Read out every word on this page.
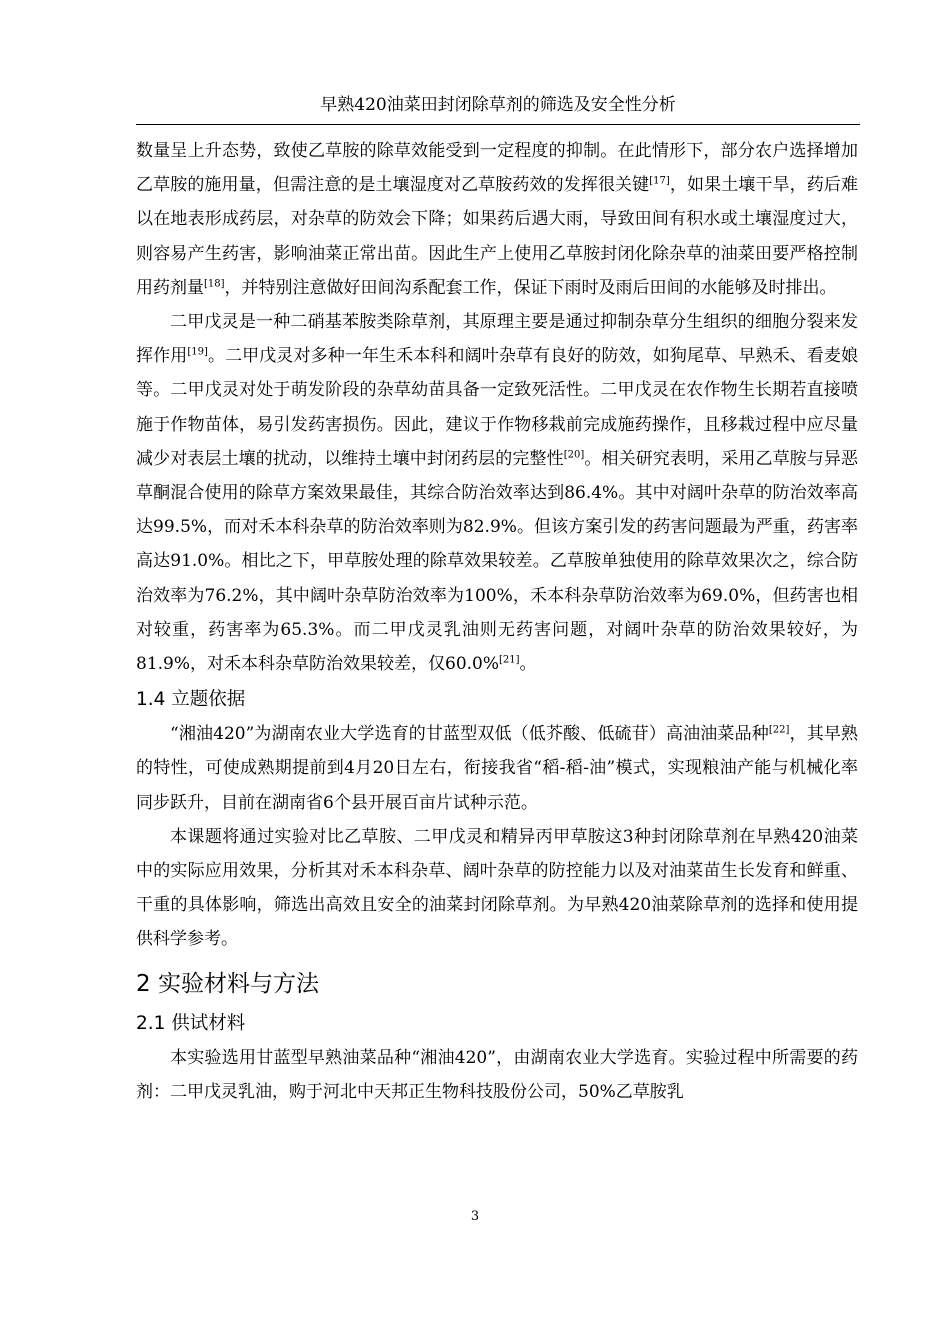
早熟420油菜田封闭除草剂的筛选及安全性分析

数量呈上升态势，致使乙草胺的除草效能受到一定程度的抑制。在此情形下，部分农户选择增加乙草胺的施用量，但需注意的是土壤湿度对乙草胺药效的发挥很关键[17]，如果土壤干旱，药后难以在地表形成药层，对杂草的防效会下降；如果药后遇大雨，导致田间有积水或土壤湿度过大，则容易产生药害，影响油菜正常出苗。因此生产上使用乙草胺封闭化除杂草的油菜田要严格控制用药剂量[18]，并特别注意做好田间沟系配套工作，保证下雨时及雨后田间的水能够及时排出。

二甲戊灵是一种二硝基苯胺类除草剂，其原理主要是通过抑制杂草分生组织的细胞分裂来发挥作用[19]。二甲戊灵对多种一年生禾本科和阔叶杂草有良好的防效，如狗尾草、早熟禾、看麦娘等。二甲戊灵对处于萌发阶段的杂草幼苗具备一定致死活性。二甲戊灵在农作物生长期若直接喷施于作物苗体，易引发药害损伤。因此，建议于作物移栽前完成施药操作，且移栽过程中应尽量减少对表层土壤的扰动，以维持土壤中封闭药层的完整性[20]。相关研究表明，采用乙草胺与异恶草酮混合使用的除草方案效果最佳，其综合防治效率达到86.4%。其中对阔叶杂草的防治效率高达99.5%，而对禾本科杂草的防治效率则为82.9%。但该方案引发的药害问题最为严重，药害率高达91.0%。相比之下，甲草胺处理的除草效果较差。乙草胺单独使用的除草效果次之，综合防治效率为76.2%，其中阔叶杂草防治效率为100%，禾本科杂草防治效率为69.0%，但药害也相对较重，药害率为65.3%。而二甲戊灵乳油则无药害问题，对阔叶杂草的防治效果较好，为81.9%，对禾本科杂草防治效果较差，仅60.0%[21]。

1.4 立题依据

“湘油420”为湖南农业大学选育的甘蓝型双低（低芥酸、低硫苷）高油油菜品种[22]，其早熟的特性，可使成熟期提前到4月20日左右，衔接我省“稻-稻-油”模式，实现粮油产能与机械化率同步跃升，目前在湖南省6个县开展百亩片试种示范。

本课题将通过实验对比乙草胺、二甲戊灵和精异丙甲草胺这3种封闭除草剂在早熟420油菜中的实际应用效果，分析其对禾本科杂草、阔叶杂草的防控能力以及对油菜苗生长发育和鲜重、干重的具体影响，筛选出高效且安全的油菜封闭除草剂。为早熟420油菜除草剂的选择和使用提供科学参考。

2 实验材料与方法
2.1 供试材料

本实验选用甘蓝型早熟油菜品种“湘油420”，由湖南农业大学选育。实验过程中所需要的药剂：二甲戊灵乳油，购于河北中天邦正生物科技股份公司，50%乙草胺乳

3
